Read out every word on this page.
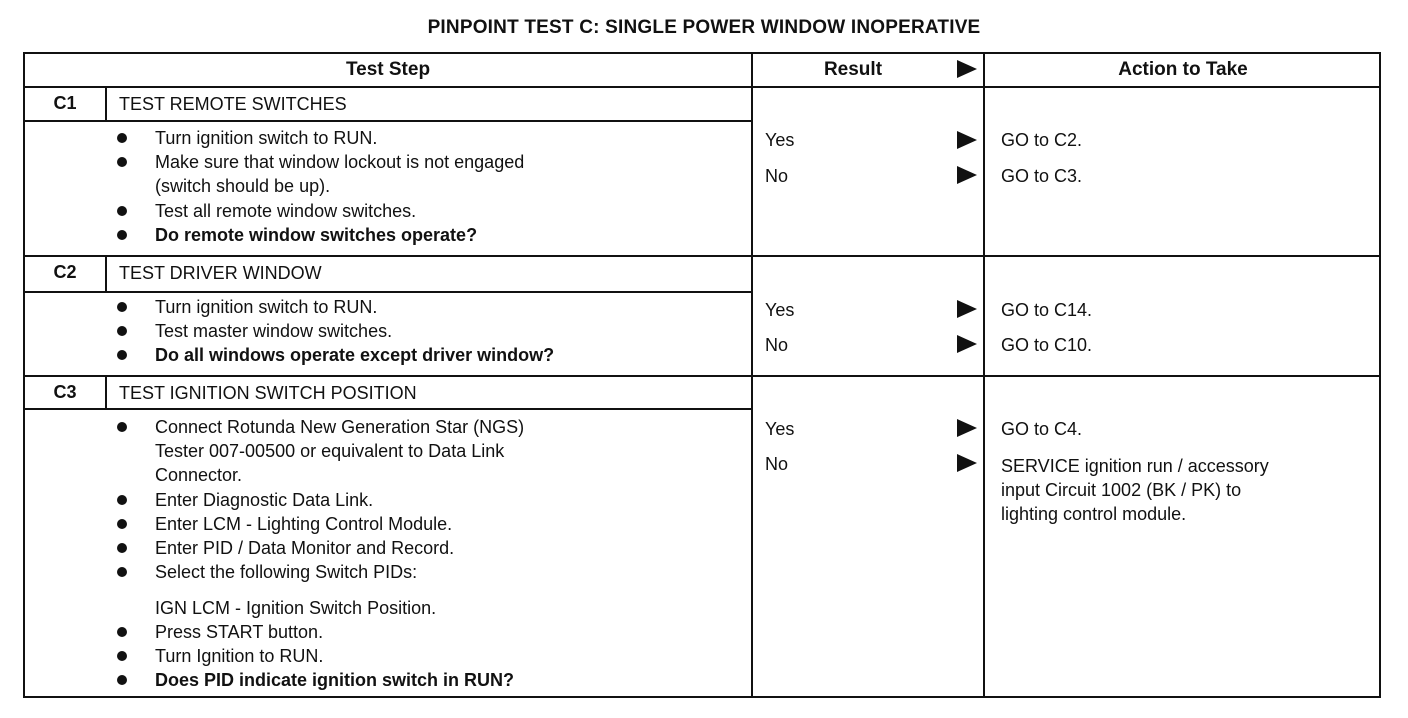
PINPOINT TEST C: SINGLE POWER WINDOW INOPERATIVE
Test Step	Result	Action to Take
C1	TEST REMOTE SWITCHES
Turn ignition switch to RUN.
Make sure that window lockout is not engaged
(switch should be up).
Test all remote window switches.
Do remote window switches operate?
Yes	GO to C2.
No	GO to C3.
C2	TEST DRIVER WINDOW
Turn ignition switch to RUN.
Test master window switches.
Do all windows operate except driver window?
Yes	GO to C14.
No	GO to C10.
C3	TEST IGNITION SWITCH POSITION
Connect Rotunda New Generation Star (NGS)
Tester 007-00500 or equivalent to Data Link
Connector.
Enter Diagnostic Data Link.
Enter LCM - Lighting Control Module.
Enter PID / Data Monitor and Record.
Select the following Switch PIDs:
IGN LCM - Ignition Switch Position.
Press START button.
Turn Ignition to RUN.
Does PID indicate ignition switch in RUN?
Yes	GO to C4.
No	SERVICE ignition run / accessory
input Circuit 1002 (BK / PK) to
lighting control module.
